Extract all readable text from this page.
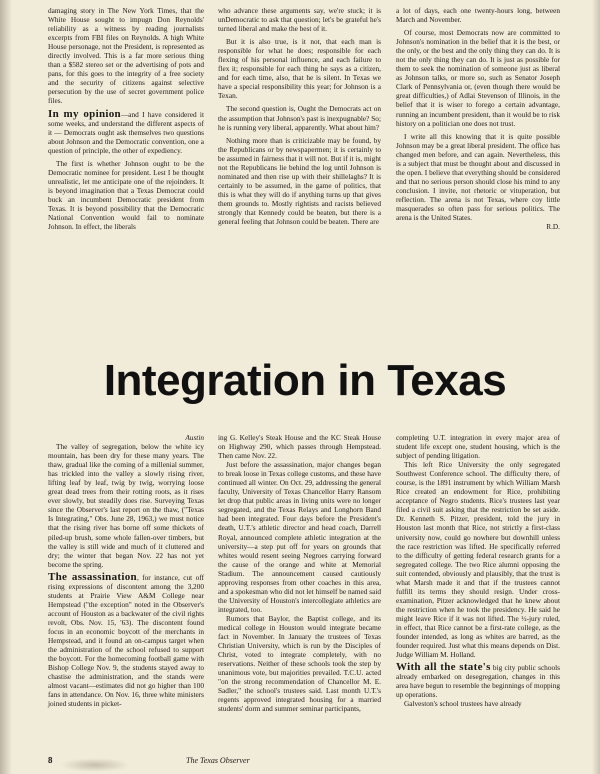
damaging story in The New York Times, that the White House sought to impugn Don Reynolds' reliability as a witness by reading journalists excerpts from FBI files on Reynolds. A high White House personage, not the President, is represented as directly involved. This is a far more serious thing than a $582 stereo set or the advertising of pots and pans, for this goes to the integrity of a free society and the security of citizens against selective persecution by the use of secret government police files.

In my opinion—and I have considered it some weeks, and understand the different aspects of it — Democrats ought ask themselves two questions about Johnson and the Democratic convention, one a question of principle, the other of expediency.

The first is whether Johnson ought to be the Democratic nominee for president. Lest I be thought unrealistic, let me anticipate one of the rejoinders. It is beyond imagination that a Texas Democrat could buck an incumbent Democratic president from Texas. It is beyond possibility that the Democratic National Convention would fail to nominate Johnson. In effect, the liberals

who advance these arguments say, we're stuck; it is unDemocratic to ask that question; let's be grateful he's turned liberal and make the best of it.

But it is also true, is it not, that each man is responsible for what he does; responsible for each flexing of his personal influence, and each failure to flex it; responsible for each thing he says as a citizen, and for each time, also, that he is silent. In Texas we have a special responsibility this year; for Johnson is a Texan.

The second question is, Ought the Democrats act on the assumption that Johnson's past is inexpugnable? So; he is running very liberal, apparently. What about him?

Nothing more than is criticizable may be found, by the Republicans or by newspapermen; it is certainly to be assumed in fairness that it will not. But if it is, might not the Republicans lie behind the log until Johnson is nominated and then rise up with their shillelaghs? It is certainly to be assumed, in the game of politics, that this is what they will do if anything turns up that gives them grounds to. Mostly rightists and racists believed strongly that Kennedy could be beaten, but there is a general feeling that Johnson could be beaten. There are

a lot of days, each one twenty-hours long, between March and November.

Of course, most Democrats now are committed to Johnson's nomination in the belief that it is the best, or the only, or the best and the only thing they can do. It is not the only thing they can do. It is just as possible for them to seek the nomination of someone just as liberal as Johnson talks, or more so, such as Senator Joseph Clark of Pennsylvania or, (even though there would be great difficulties,) of Adlai Stevenson of Illinois, in the belief that it is wiser to forego a certain advantage, running an incumbent president, than it would be to risk history on a politician one does not trust.

I write all this knowing that it is quite possible Johnson may be a great liberal president. The office has changed men before, and can again. Nevertheless, this is a subject that must be thought about and discussed in the open. I believe that everything should be considered and that no serious person should close his mind to any conclusion. I invite, not rhetoric or vituperation, but reflection. The arena is not Texas, where coy little masquerades so often pass for serious politics. The arena is the United States.

R.D.
Integration in Texas

Austin

The valley of segregation, below the white icy mountain, has been dry for these many years. The thaw, gradual like the coming of a millenial summer, has trickled into the valley a slowly rising river, lifting leaf by leaf, twig by twig, worrying loose great dead trees from their rotting roots, as it rises ever slowly, but steadily does rise. Surveying Texas since the Observer's last report on the thaw, ("Texas Is Integrating," Obs. June 28, 1963,) we must notice that the rising river has borne off some thickets of piled-up brush, some whole fallen-over timbers, but the valley is still wide and much of it cluttered and dry; the winter that began Nov. 22 has not yet become the spring.

The assassination, for instance, cut off rising expressions of discontent among the 3,200 students at Prairie View A&M College near Hempstead ("the exception" noted in the Observer's account of Houston as a backwater of the civil rights revolt, Obs. Nov. 15, '63). The discontent found focus in an economic boycott of the merchants in Hempstead, and it found an on-campus target when the administration of the school refused to support the boycott. For the homecoming football game with Bishop College Nov. 9, the students stayed away to chastise the administration, and the stands were almost vacant—estimates did not go higher than 100 fans in attendance. On Nov. 16, three white ministers joined students in picket-

ing G. Kelley's Steak House and the KC Steak House on Highway 290, which passes through Hempstead. Then came Nov. 22.

Just before the assassination, major changes began to break loose in Texas college customs, and these have continued all winter. On Oct. 29, addressing the general faculty, University of Texas Chancellor Harry Ransom let drop that public areas in living units were no longer segregated, and the Texas Relays and Longhorn Band had been integrated. Four days before the President's death, U.T.'s athletic director and head coach, Darrell Royal, announced complete athletic integration at the university—a step put off for years on grounds that whites would resent seeing Negroes carrying forward the cause of the orange and white at Memorial Stadium. The announcement caused cautiously approving responses from other coaches in this area, and a spokesman who did not let himself be named said the University of Houston's intercollegiate athletics are integrated, too.

Rumors that Baylor, the Baptist college, and its medical college in Houston would integrate became fact in November. In January the trustees of Texas Christian University, which is run by the Disciples of Christ, voted to integrate completely, with no reservations. Neither of these schools took the step by unanimous vote, but majorities prevailed. T.C.U. acted "on the strong recommendation of Chancellor M. E. Sadler," the school's trustees said. Last month U.T.'s regents approved integrated housing for a married students' dorm and summer seminar participants,

completing U.T. integration in every major area of student life except one, student housing, which is the subject of pending litigation.

This left Rice University the only segregated Southwest Conference school. The difficulty there, of course, is the 1891 instrument by which William Marsh Rice created an endowment for Rice, prohibiting acceptance of Negro students. Rice's trustees last year filed a civil suit asking that the restriction be set aside. Dr. Kenneth S. Pitzer, president, told the jury in Houston last month that Rice, not strictly a first-class university now, could go nowhere but downhill unless the race restriction was lifted. He specifically referred to the difficulty of getting federal research grants for a segregated college. The two Rice alumni opposing the suit contended, obviously and plausibly, that the trust is what Marsh made it and that if the trustees cannot fulfill its terms they should resign. Under cross-examination, Pitzer acknowledged that he knew about the restriction when he took the presidency. He said he might leave Rice if it was not lifted. The ½-jury ruled, in effect, that Rice cannot be a first-rate college, as the founder intended, as long as whites are barred, as the founder required. Just what this means depends on Dist. Judge William M. Holland.

With all the state's big city public schools already embarked on desegregation, changes in this area have begun to resemble the beginnings of mopping up operations.

Galveston's school trustees have already

8	The Texas Observer
